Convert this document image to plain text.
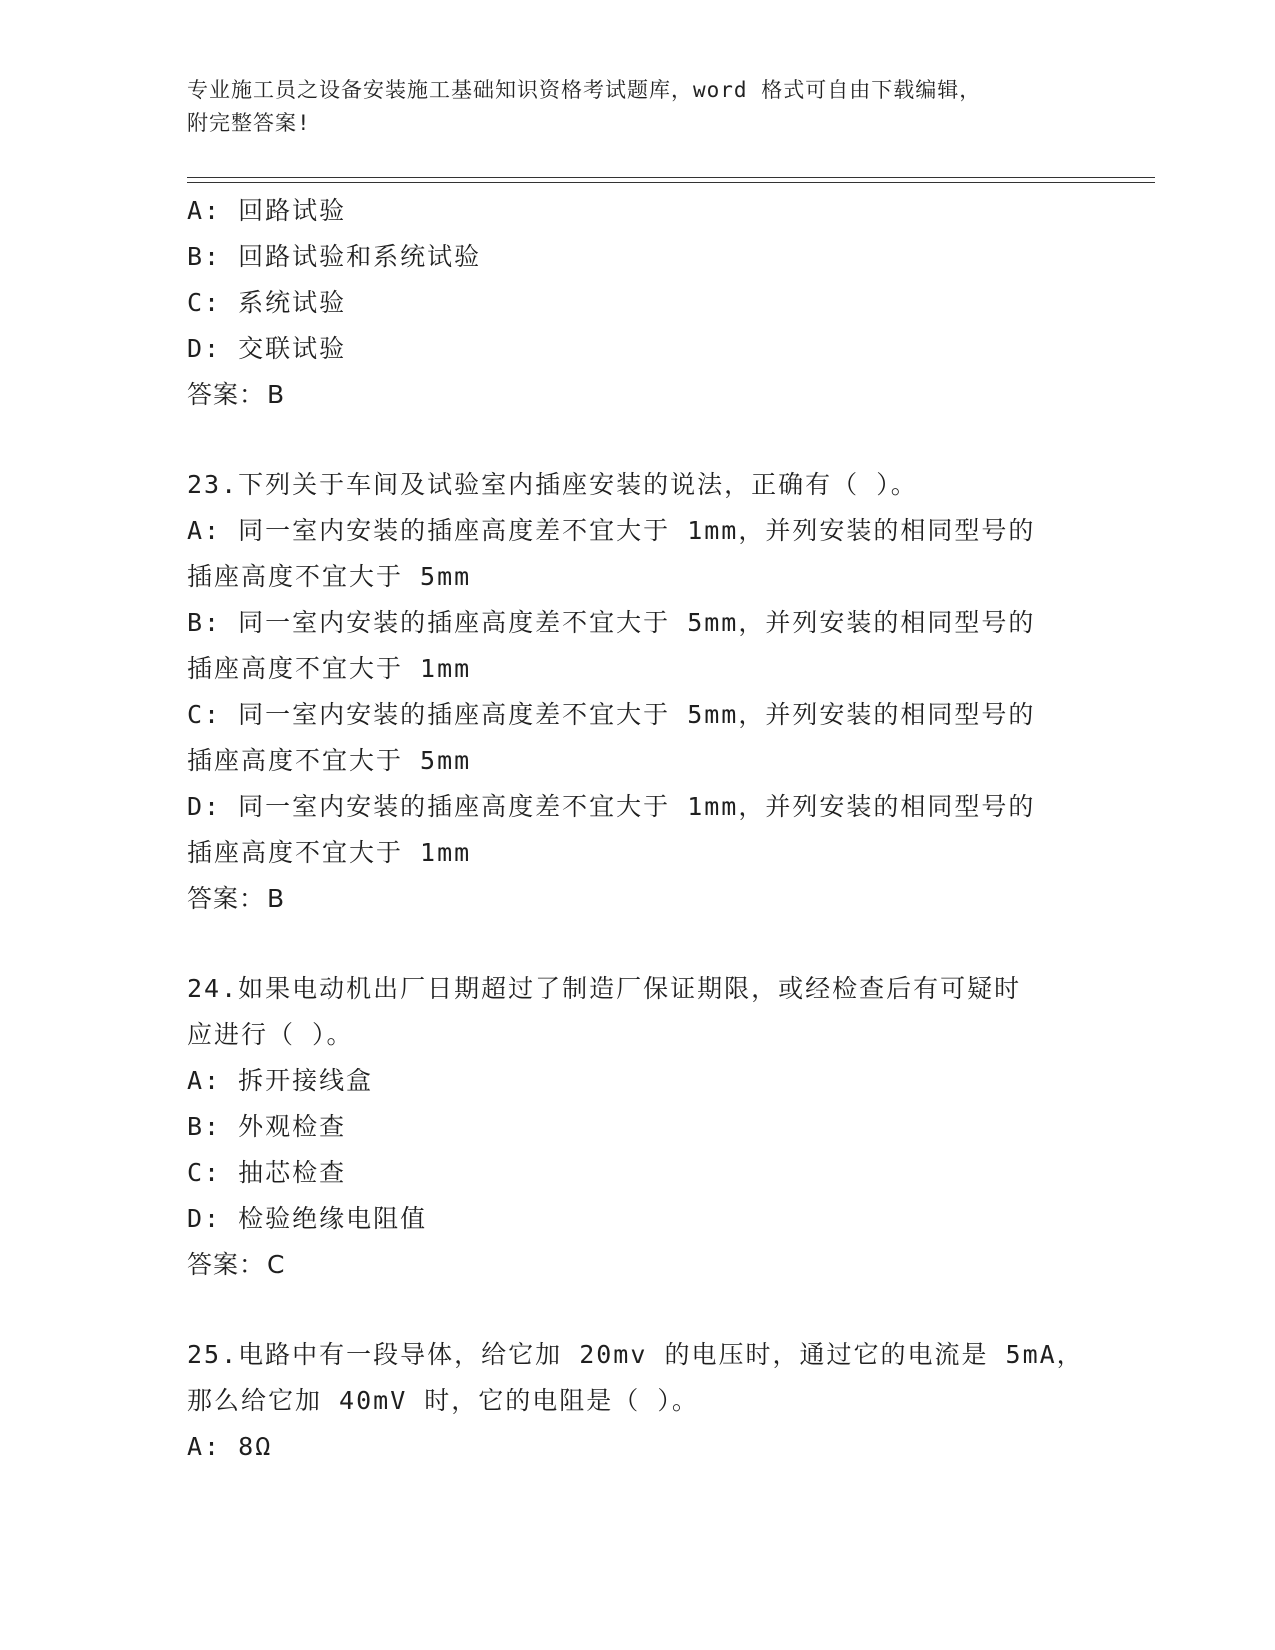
专业施工员之设备安装施工基础知识资格考试题库，word 格式可自由下载编辑，
附完整答案!
A: 回路试验
B: 回路试验和系统试验
C: 系统试验
D: 交联试验
答案：B
23.下列关于车间及试验室内插座安装的说法，正确有（ ）。
A: 同一室内安装的插座高度差不宜大于 1mm，并列安装的相同型号的
插座高度不宜大于 5mm
B: 同一室内安装的插座高度差不宜大于 5mm，并列安装的相同型号的
插座高度不宜大于 1mm
C: 同一室内安装的插座高度差不宜大于 5mm，并列安装的相同型号的
插座高度不宜大于 5mm
D: 同一室内安装的插座高度差不宜大于 1mm，并列安装的相同型号的
插座高度不宜大于 1mm
答案：B
24.如果电动机出厂日期超过了制造厂保证期限，或经检查后有可疑时
应进行（ ）。
A: 拆开接线盒
B: 外观检查
C: 抽芯检查
D: 检验绝缘电阻值
答案：C
25.电路中有一段导体，给它加 20mv 的电压时，通过它的电流是 5mA，
那么给它加 40mV 时，它的电阻是（ ）。
A: 8Ω
